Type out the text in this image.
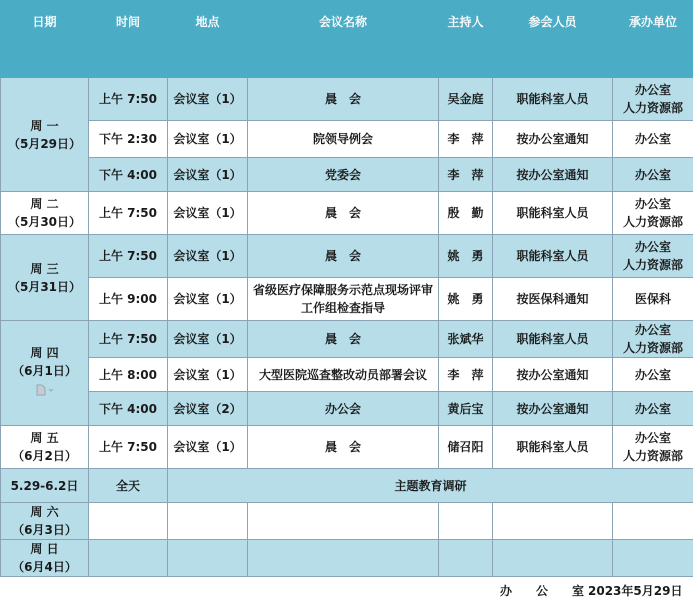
日期	时间	地点	会议名称	主持人	参会人员	承办单位

周 一
（5月29日）	上午 7:50	会议室（1）	晨　会	吴金庭	职能科室人员	办公室
人力资源部
	下午 2:30	会议室（1）	院领导例会	李　萍	按办公室通知	办公室
	下午 4:00	会议室（1）	党委会	李　萍	按办公室通知	办公室

周 二
（5月30日）	上午 7:50	会议室（1）	晨　会	殷　勤	职能科室人员	办公室
人力资源部

周 三
（5月31日）	上午 7:50	会议室（1）	晨　会	姚　勇	职能科室人员	办公室
人力资源部
	上午 9:00	会议室（1）	省级医疗保障服务示范点现场评审工作组检查指导	姚　勇	按医保科通知	医保科

周 四
（6月1日）	上午 7:50	会议室（1）	晨　会	张斌华	职能科室人员	办公室
人力资源部
	上午 8:00	会议室（1）	大型医院巡查整改动员部署会议	李　萍	按办公室通知	办公室
	下午 4:00	会议室（2）	办公会	黄后宝	按办公室通知	办公室

周 五
（6月2日）	上午 7:50	会议室（1）	晨　会	储召阳	职能科室人员	办公室
人力资源部
5.29-6.2日	全天	主题教育调研				

周 六
（6月3日）						

周 日
（6月4日）						

办　公　室
2023年5月29日
